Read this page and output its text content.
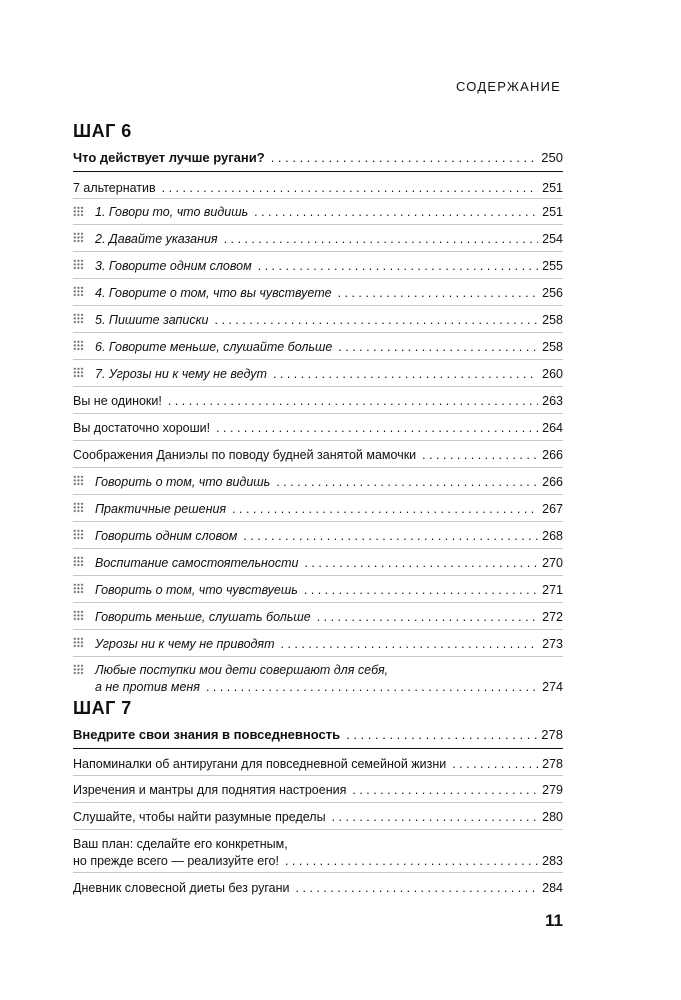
СОДЕРЖАНИЕ
ШАГ 6
Что действует лучше ругани? . . .	250
7 альтернатив . . .	251
1. Говори то, что видишь . . .	251
2. Давайте указания . . .	254
3. Говорите одним словом . . .	255
4. Говорите о том, что вы чувствуете . . .	256
5. Пишите записки . . .	258
6. Говорите меньше, слушайте больше . . .	258
7. Угрозы ни к чему не ведут . . .	260
Вы не одиноки! . . .	263
Вы достаточно хороши! . . .	264
Соображения Даниэлы по поводу будней занятой мамочки . . .	266
Говорить о том, что видишь . . .	266
Практичные решения . . .	267
Говорить одним словом . . .	268
Воспитание самостоятельности . . .	270
Говорить о том, что чувствуешь . . .	271
Говорить меньше, слушать больше . . .	272
Угрозы ни к чему не приводят . . .	273
Любые поступки мои дети совершают для себя,
а не против меня . . .	274
ШАГ 7
Внедрите свои знания в повседневность . . .	278
Напоминалки об антиругани для повседневной семейной жизни . . .	278
Изречения и мантры для поднятия настроения . . .	279
Слушайте, чтобы найти разумные пределы . . .	280
Ваш план: сделайте его конкретным,
но прежде всего — реализуйте его! . . .	283
Дневник словесной диеты без ругани . . .	284
11
